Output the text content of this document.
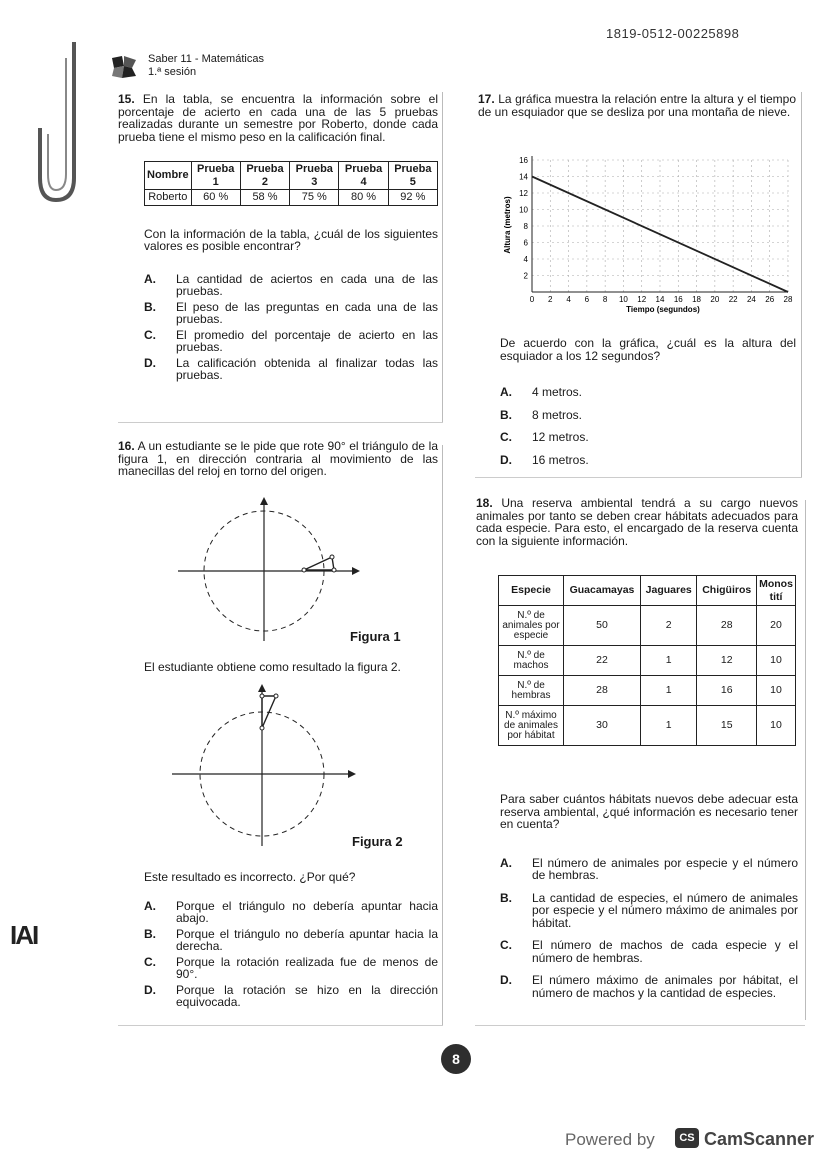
1819-0512-00225898
Saber 11 - Matemáticas
1.ª sesión
15. En la tabla, se encuentra la información sobre el porcentaje de acierto en cada una de las 5 pruebas realizadas durante un semestre por Roberto, donde cada prueba tiene el mismo peso en la calificación final.
Nombre	Prueba 1	Prueba 2	Prueba 3	Prueba 4	Prueba 5
Roberto	60 %	58 %	75 %	80 %	92 %
Con la información de la tabla, ¿cuál de los siguientes valores es posible encontrar?
A. La cantidad de aciertos en cada una de las pruebas.
B. El peso de las preguntas en cada una de las pruebas.
C. El promedio del porcentaje de acierto en las pruebas.
D. La calificación obtenida al finalizar todas las pruebas.
16. A un estudiante se le pide que rote 90° el triángulo de la figura 1, en dirección contraria al movimiento de las manecillas del reloj en torno del origen.
Figura 1
El estudiante obtiene como resultado la figura 2.
Figura 2
Este resultado es incorrecto. ¿Por qué?
A. Porque el triángulo no debería apuntar hacia abajo.
B. Porque el triángulo no debería apuntar hacia la derecha.
C. Porque la rotación realizada fue de menos de 90°.
D. Porque la rotación se hizo en la dirección equivocada.
17. La gráfica muestra la relación entre la altura y el tiempo de un esquiador que se desliza por una montaña de nieve.
Altura (metros)
Tiempo (segundos)
0 2 4 6 8 10 12 14 16 18 20 22 24 26 28
2
4
6
8
10
12
14
16
De acuerdo con la gráfica, ¿cuál es la altura del esquiador a los 12 segundos?
A. 4 metros.
B. 8 metros.
C. 12 metros.
D. 16 metros.
18. Una reserva ambiental tendrá a su cargo nuevos animales por tanto se deben crear hábitats adecuados para cada especie. Para esto, el encargado de la reserva cuenta con la siguiente información.
Especie	Guacamayas	Jaguares	Chigüiros	Monos tití
N.º de animales por especie	50	2	28	20
N.º de machos	22	1	12	10
N.º de hembras	28	1	16	10
N.º máximo de animales por hábitat	30	1	15	10
Para saber cuántos hábitats nuevos debe adecuar esta reserva ambiental, ¿qué información es necesario tener en cuenta?
A. El número de animales por especie y el número de hembras.
B. La cantidad de especies, el número de animales por especie y el número máximo de animales por hábitat.
C. El número de machos de cada especie y el número de hembras.
D. El número máximo de animales por hábitat, el número de machos y la cantidad de especies.
8
Powered by	CS CamScanner
IAI
